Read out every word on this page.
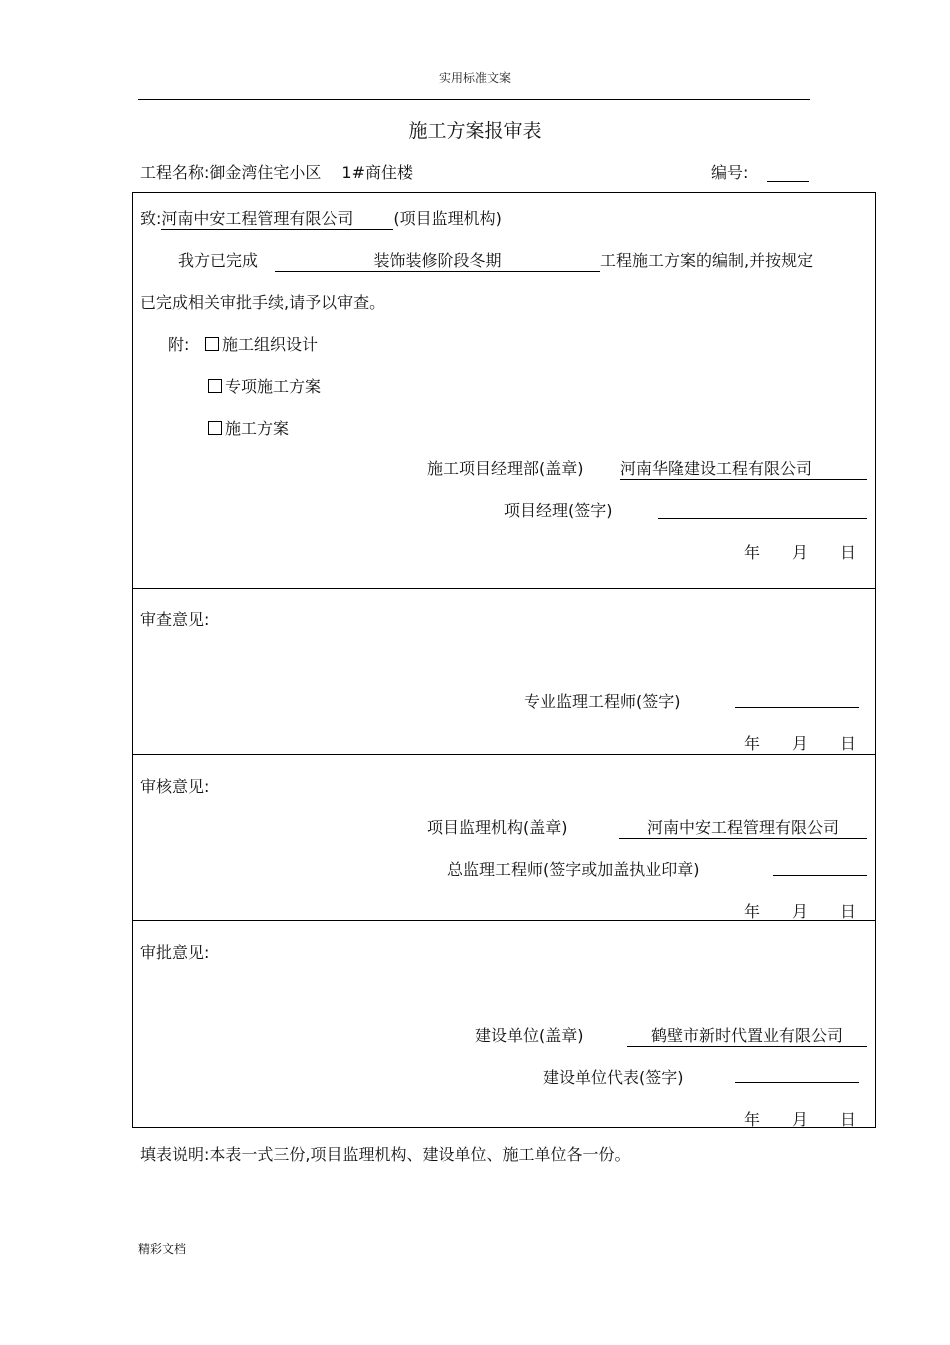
实用标准文案
施工方案报审表
工程名称:御金湾住宅小区 1#商住楼	编号:
致:河南中安工程管理有限公司 (项目监理机构)
我方已完成	装饰装修阶段冬期	工程施工方案的编制,并按规定
已完成相关审批手续,请予以审查。
附:	施工组织设计
专项施工方案
施工方案
施工项目经理部(盖章) 河南华隆建设工程有限公司
项目经理(签字)
年 月 日
审查意见:
专业监理工程师(签字)
年 月 日
审核意见:
项目监理机构(盖章)	河南中安工程管理有限公司
总监理工程师(签字或加盖执业印章)
年 月 日
审批意见:
建设单位(盖章)	鹤壁市新时代置业有限公司
建设单位代表(签字)
年 月 日
填表说明:本表一式三份,项目监理机构、建设单位、施工单位各一份。
精彩文档
